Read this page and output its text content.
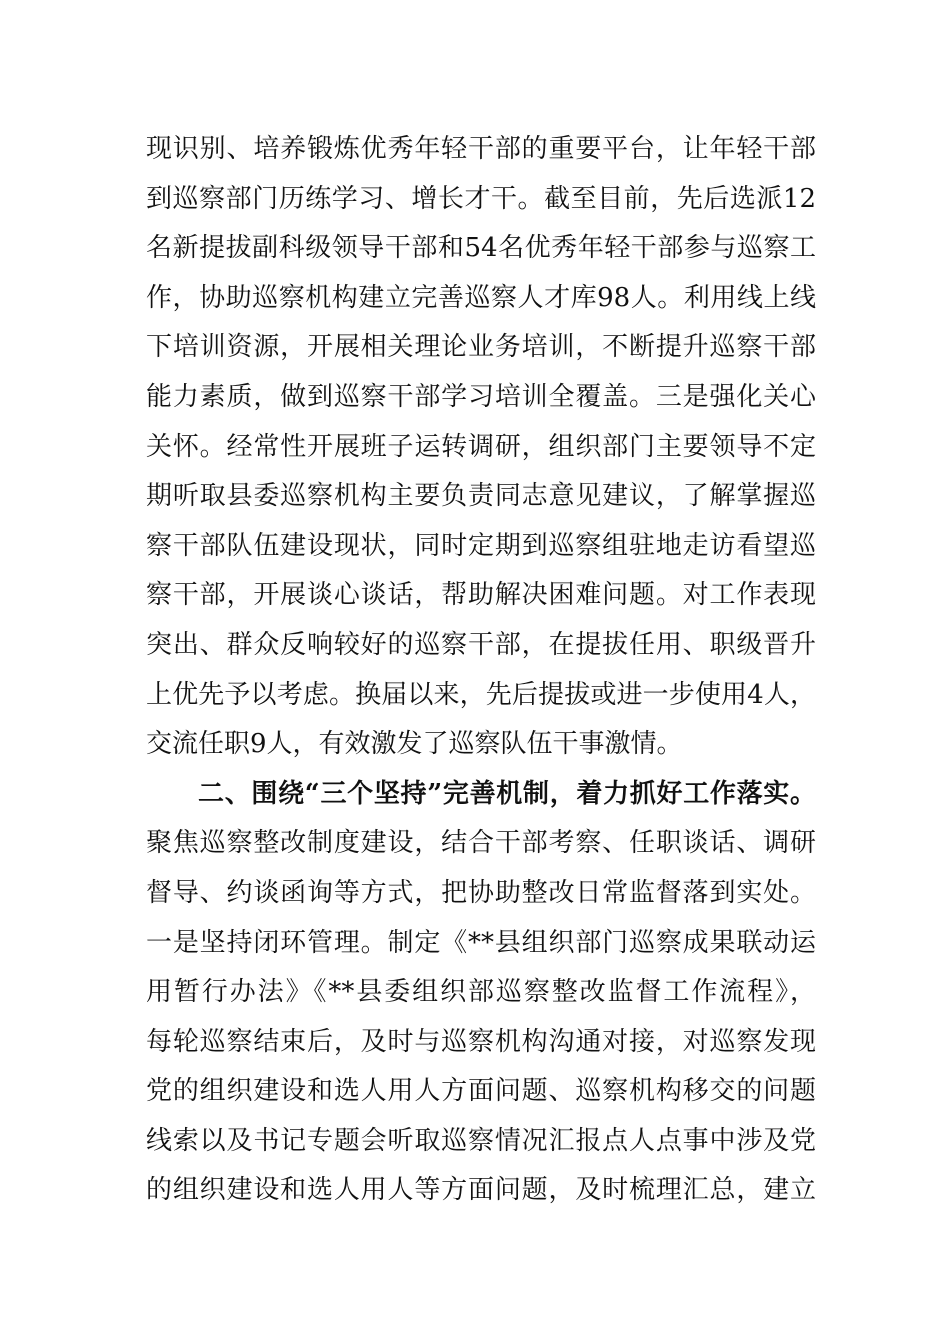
现识别、培养锻炼优秀年轻干部的重要平台，让年轻干部
到巡察部门历练学习、增长才干。截至目前，先后选派12
名新提拔副科级领导干部和54名优秀年轻干部参与巡察工
作，协助巡察机构建立完善巡察人才库98人。利用线上线
下培训资源，开展相关理论业务培训，不断提升巡察干部
能力素质，做到巡察干部学习培训全覆盖。三是强化关心
关怀。经常性开展班子运转调研，组织部门主要领导不定
期听取县委巡察机构主要负责同志意见建议，了解掌握巡
察干部队伍建设现状，同时定期到巡察组驻地走访看望巡
察干部，开展谈心谈话，帮助解决困难问题。对工作表现
突出、群众反响较好的巡察干部，在提拔任用、职级晋升
上优先予以考虑。换届以来，先后提拔或进一步使用4人，
交流任职9人，有效激发了巡察队伍干事激情。
二、围绕“三个坚持”完善机制，着力抓好工作落实。
聚焦巡察整改制度建设，结合干部考察、任职谈话、调研
督导、约谈函询等方式，把协助整改日常监督落到实处。
一是坚持闭环管理。制定《**县组织部门巡察成果联动运
用暂行办法》《**县委组织部巡察整改监督工作流程》，
每轮巡察结束后，及时与巡察机构沟通对接，对巡察发现
党的组织建设和选人用人方面问题、巡察机构移交的问题
线索以及书记专题会听取巡察情况汇报点人点事中涉及党
的组织建设和选人用人等方面问题，及时梳理汇总，建立
